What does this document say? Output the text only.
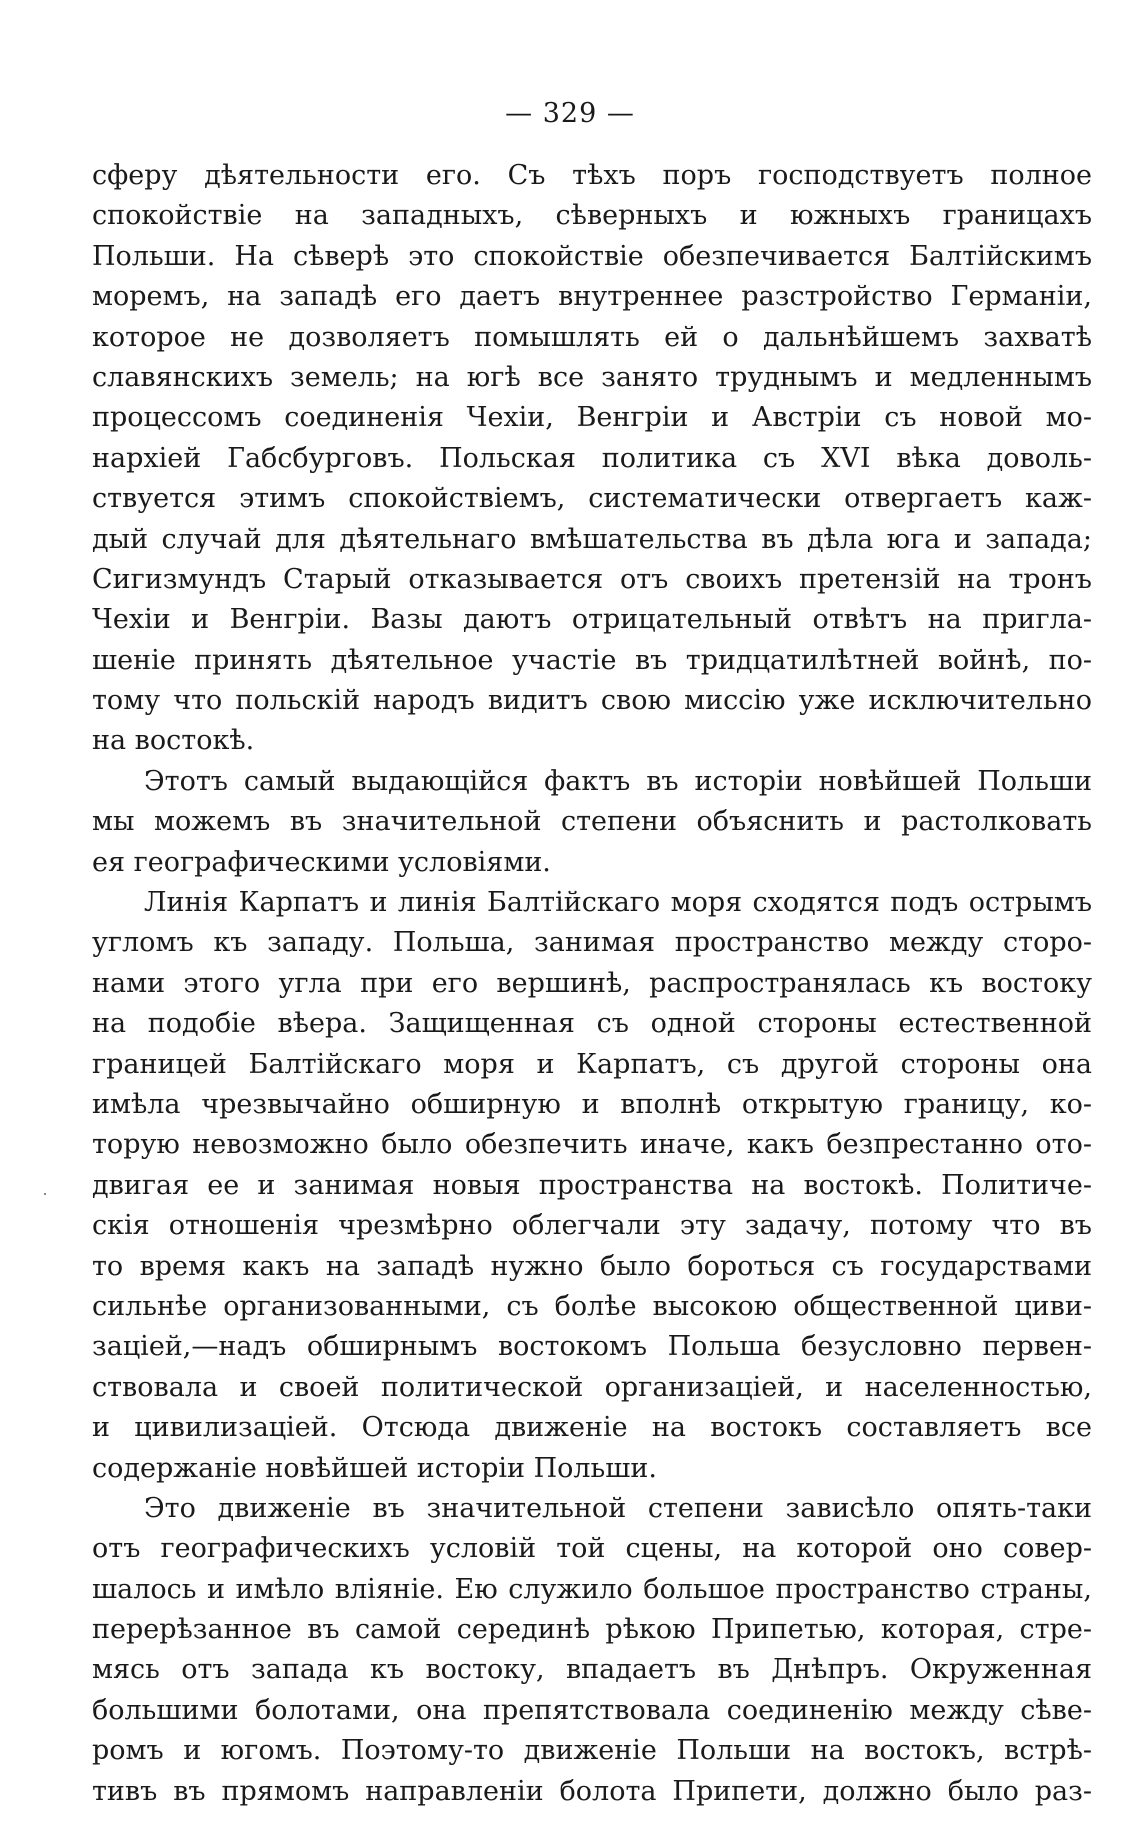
— 329 —
сферу дѣятельности его. Съ тѣхъ поръ господствуетъ полное
спокойствіе на западныхъ, сѣверныхъ и южныхъ границахъ
Польши. На сѣверѣ это спокойствіе обезпечивается Балтійскимъ
моремъ, на западѣ его даетъ внутреннее разстройство Германіи,
которое не дозволяетъ помышлять ей о дальнѣйшемъ захватѣ
славянскихъ земель; на югѣ все занято труднымъ и медленнымъ
процессомъ соединенія Чехіи, Венгріи и Австріи съ новой мо-
нархіей Габсбурговъ. Польская политика съ XVI вѣка доволь-
ствуется этимъ спокойствіемъ, систематически отвергаетъ каж-
дый случай для дѣятельнаго вмѣшательства въ дѣла юга и запада;
Сигизмундъ Старый отказывается отъ своихъ претензій на тронъ
Чехіи и Венгріи. Вазы даютъ отрицательный отвѣтъ на пригла-
шеніе принять дѣятельное участіе въ тридцатилѣтней войнѣ, по-
тому что польскій народъ видитъ свою миссію уже исключительно
на востокѣ.
Этотъ самый выдающійся фактъ въ исторіи новѣйшей Польши
мы можемъ въ значительной степени объяснить и растолковать
ея географическими условіями.
Линія Карпатъ и линія Балтійскаго моря сходятся подъ острымъ
угломъ къ западу. Польша, занимая пространство между сторо-
нами этого угла при его вершинѣ, распространялась къ востоку
на подобіе вѣера. Защищенная съ одной стороны естественной
границей Балтійскаго моря и Карпатъ, съ другой стороны она
имѣла чрезвычайно обширную и вполнѣ открытую границу, ко-
торую невозможно было обезпечить иначе, какъ безпрестанно ото-
двигая ее и занимая новыя пространства на востокѣ. Политиче-
скія отношенія чрезмѣрно облегчали эту задачу, потому что въ
то время какъ на западѣ нужно было бороться съ государствами
сильнѣе организованными, съ болѣе высокою общественной циви-
заціей,—надъ обширнымъ востокомъ Польша безусловно первен-
ствовала и своей политической организаціей, и населенностью,
и цивилизаціей. Отсюда движеніе на востокъ составляетъ все
содержаніе новѣйшей исторіи Польши.
Это движеніе въ значительной степени зависѣло опять-таки
отъ географическихъ условій той сцены, на которой оно совер-
шалось и имѣло вліяніе. Ею служило большое пространство страны,
перерѣзанное въ самой серединѣ рѣкою Припетью, которая, стре-
мясь отъ запада къ востоку, впадаетъ въ Днѣпръ. Окруженная
большими болотами, она препятствовала соединенію между сѣве-
ромъ и югомъ. Поэтому-то движеніе Польши на востокъ, встрѣ-
тивъ въ прямомъ направленіи болота Припети, должно было раз-
